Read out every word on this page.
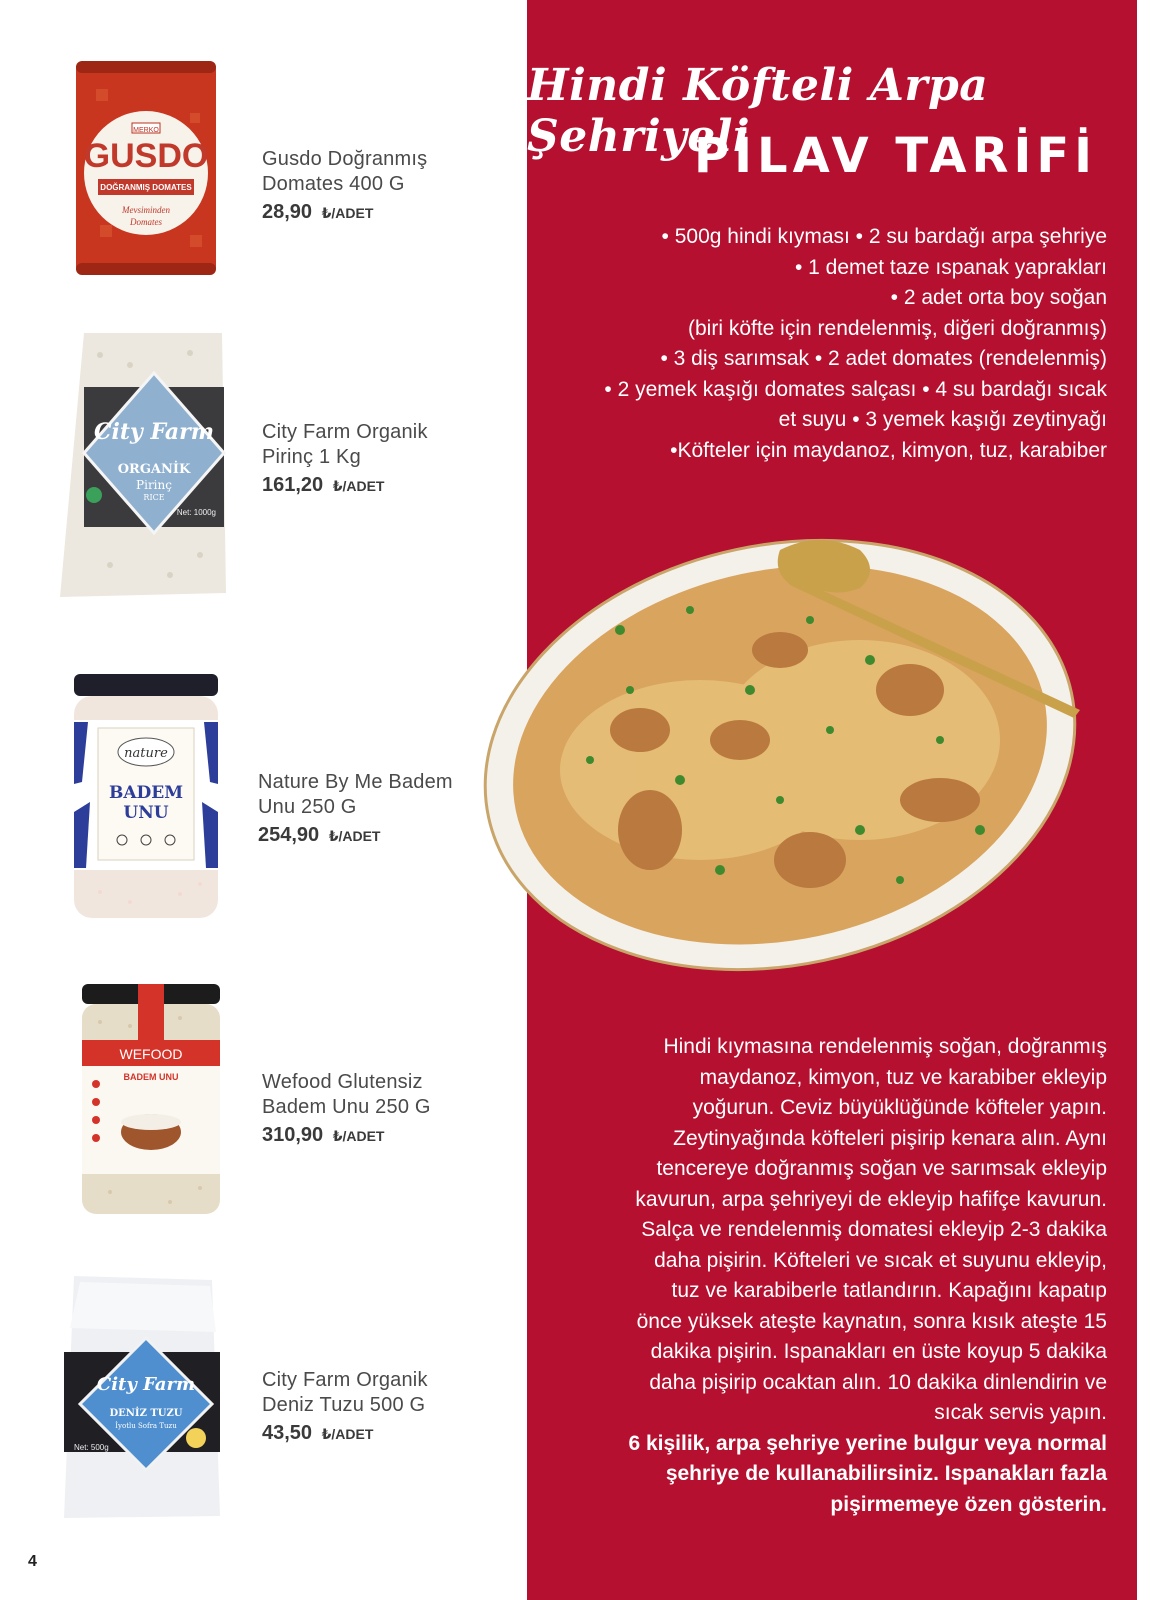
MERKO
GUSDO
DOĞRANMIŞ DOMATES
Mevsiminden
Domates
Gusdo Doğranmış
Domates 400 G
28,90 ₺/ADET
City Farm
ORGANİK
Pirinç
RICE
Net: 1000g
City Farm Organik
Pirinç 1 Kg
161,20 ₺/ADET
nature
BADEM
UNU
Nature By Me Badem
Unu 250 G
254,90 ₺/ADET
WEFOOD
BADEM UNU	Wefood Glutensiz
Badem Unu 250 G
310,90 ₺/ADET
City Farm
DENİZ TUZU
İyotlu Sofra Tuzu
Net: 500g
City Farm Organik
Deniz Tuzu 500 G
43,50 ₺/ADET
4
Hindi Köfteli Arpa Şehriyeli
PİLAV TARİFİ
• 500g hindi kıyması • 2 su bardağı arpa şehriye
• 1 demet taze ıspanak yaprakları
• 2 adet orta boy soğan
(biri köfte için rendelenmiş, diğeri doğranmış)
• 3 diş sarımsak • 2 adet domates (rendelenmiş)
• 2 yemek kaşığı domates salçası • 4 su bardağı sıcak
et suyu • 3 yemek kaşığı zeytinyağı
•Köfteler için maydanoz, kimyon, tuz, karabiber
Hindi kıymasına rendelenmiş soğan, doğranmış
maydanoz, kimyon, tuz ve karabiber ekleyip
yoğurun. Ceviz büyüklüğünde köfteler yapın.
Zeytinyağında köfteleri pişirip kenara alın. Aynı
tencereye doğranmış soğan ve sarımsak ekleyip
kavurun, arpa şehriyeyi de ekleyip hafifçe kavurun.
Salça ve rendelenmiş domatesi ekleyip 2-3 dakika
daha pişirin. Köfteleri ve sıcak et suyunu ekleyip,
tuz ve karabiberle tatlandırın. Kapağını kapatıp
önce yüksek ateşte kaynatın, sonra kısık ateşte 15
dakika pişirin. Ispanakları en üste koyup 5 dakika
daha pişirip ocaktan alın. 10 dakika dinlendirin ve
sıcak servis yapın.
6 kişilik, arpa şehriye yerine bulgur veya normal
şehriye de kullanabilirsiniz. Ispanakları fazla
pişirmemeye özen gösterin.
